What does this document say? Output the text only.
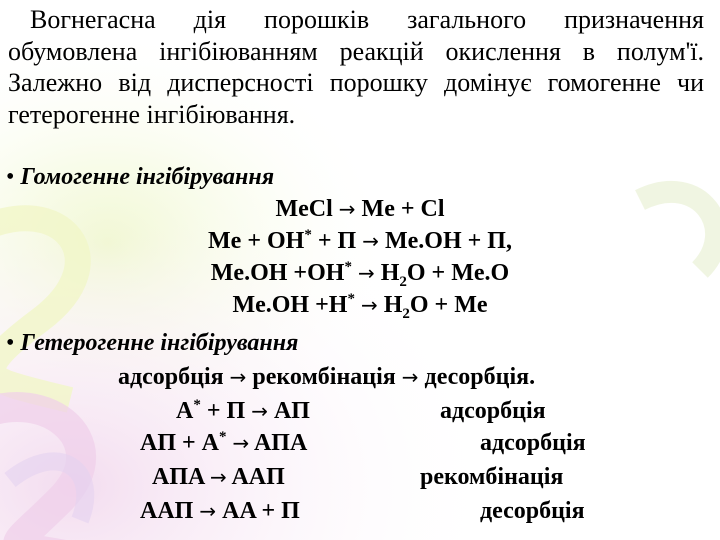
Вогнегасна дія порошків загального призначення обумовлена інгібіюванням реакцій окислення в полум'ї. Залежно від дисперсності порошку домінує гомогенне чи гетерогенне інгібіювання.
• Гомогенне інгібірування
MeCl → Me + Cl
Me + OH* + П → Me.OH + П,
$Me.OH +OH^* \to H_2O + Me.O$
$Me.OH +H^* \to H_2O + Me$
• Гетерогенне інгібірування
адсорбція → рекомбінація → десорбція.
A* + П → AП	адсорбція
AП + A* → AПA	адсорбція
AПA → AAП	рекомбінація
AAП → AA + П	десорбція
